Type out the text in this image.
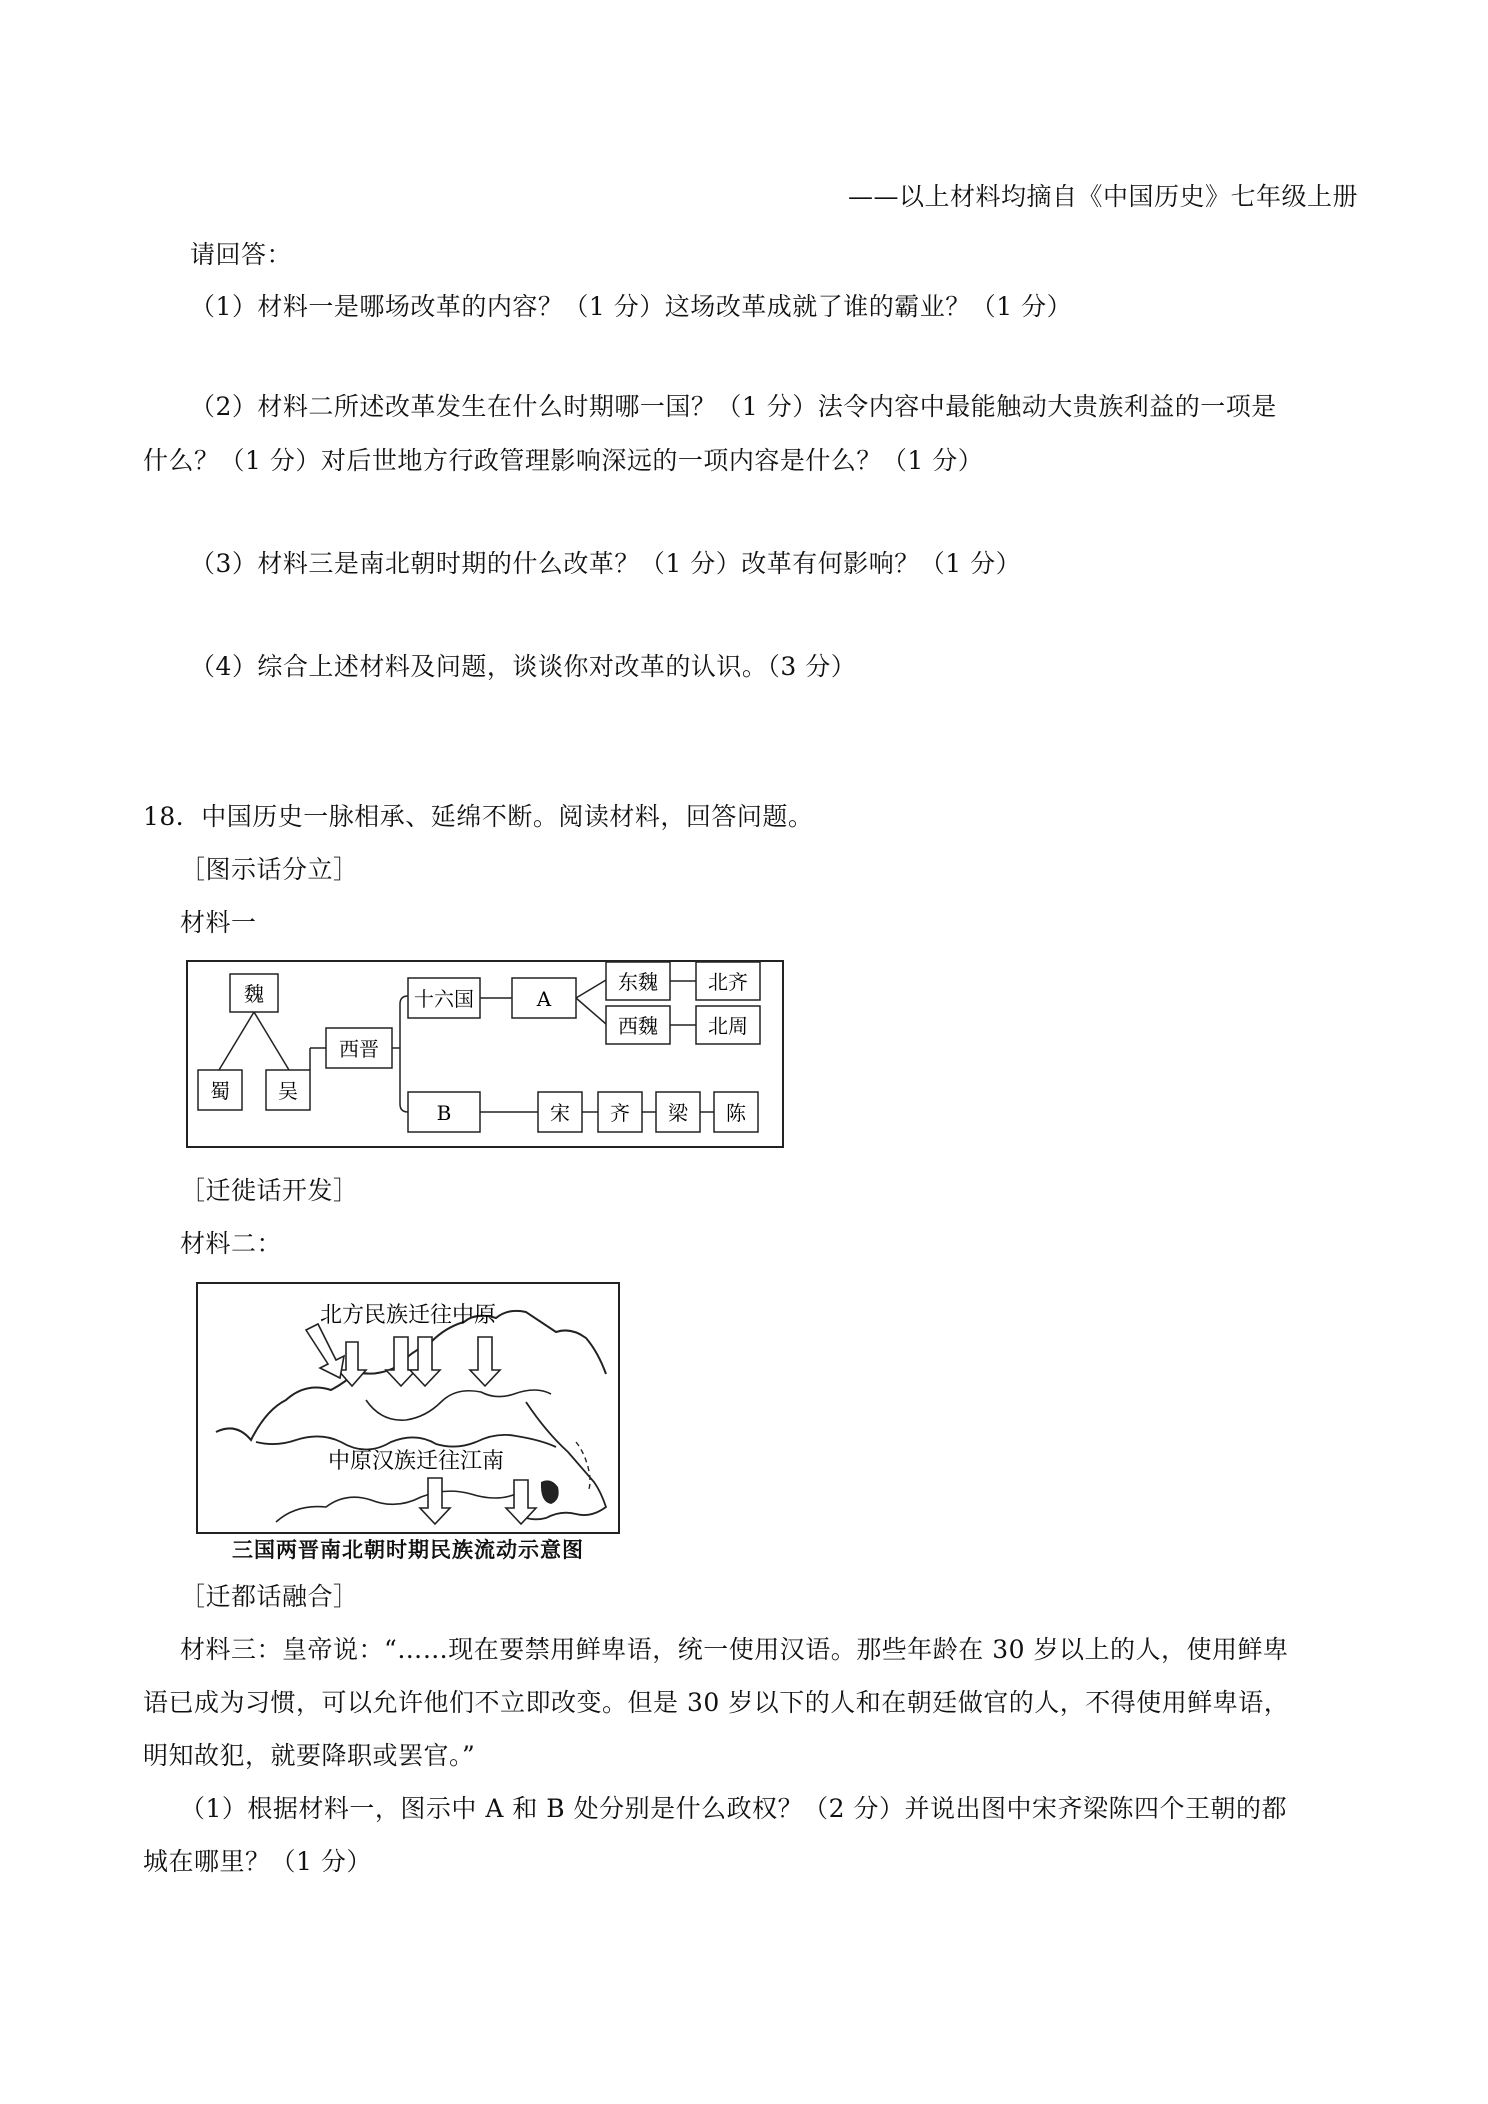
——以上材料均摘自《中国历史》七年级上册
请回答：
（1）材料一是哪场改革的内容？（1 分）这场改革成就了谁的霸业？（1 分）
（2）材料二所述改革发生在什么时期哪一国？（1 分）法令内容中最能触动大贵族利益的一项是
什么？（1 分）对后世地方行政管理影响深远的一项内容是什么？（1 分）
（3）材料三是南北朝时期的什么改革？（1 分）改革有何影响？（1 分）
（4）综合上述材料及问题，谈谈你对改革的认识。（3 分）
18．中国历史一脉相承、延绵不断。阅读材料，回答问题。
［图示话分立］
材料一
魏
蜀 吴
西晋
十六国	A
东魏	北齐
西魏	北周
B	宋 齐 梁 陈
［迁徙话开发］
材料二：
北方民族迁往中原
中原汉族迁往江南
三国两晋南北朝时期民族流动示意图
［迁都话融合］
材料三：皇帝说：“……现在要禁用鲜卑语，统一使用汉语。那些年龄在 30 岁以上的人，使用鲜卑
语已成为习惯，可以允许他们不立即改变。但是 30 岁以下的人和在朝廷做官的人，不得使用鲜卑语，
明知故犯，就要降职或罢官。”
（1）根据材料一，图示中 A 和 B 处分别是什么政权？（2 分）并说出图中宋齐梁陈四个王朝的都
城在哪里？（1 分）
